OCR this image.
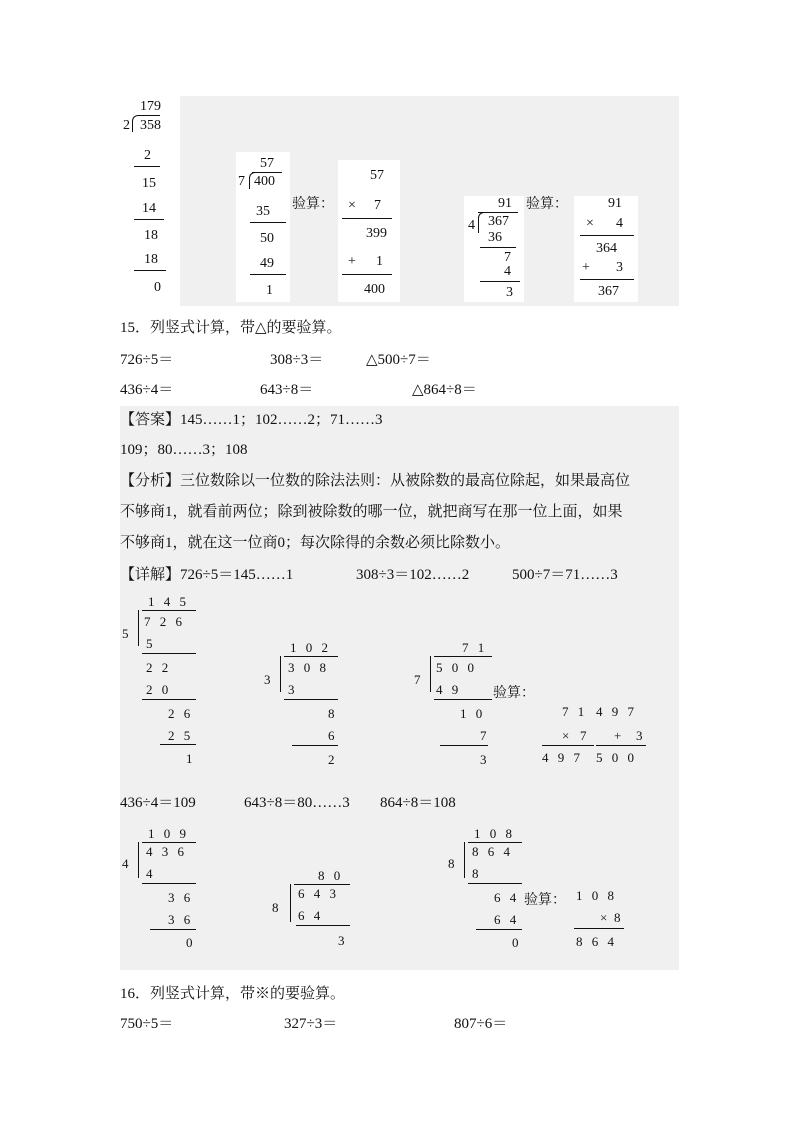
179
2 358
2
15
14
18
18
0
57
7 400
35
50
49
1
验算：
57
× 7
399
+ 1
400
91
4 367
36
7
4
3
验算：	91
× 4
364
+ 3
367
15．列竖式计算，带△的要验算。
726÷5＝	308÷3＝	△500÷7＝
436÷4＝	643÷8＝	△864÷8＝
【答案】145……1；102……2；71……3
109；80……3；108
【分析】三位数除以一位数的除法法则：从被除数的最高位除起，如果最高位
不够商1，就看前两位；除到被除数的哪一位，就把商写在那一位上面，如果
不够商1，就在这一位商0；每次除得的余数必须比除数小。
【详解】726÷5＝145……1	308÷3＝102……2	500÷7＝71……3
1 4 5
5
7 2 6
5
2 2
2 0
2 6
2 5
1
1 0 2
3
3 0 8
3
8
6
2
7 1
7
5 0 0
4 9
1 0
7
3
验算：
7 1
× 7
4 9 7
4 9 7
+ 3
5 0 0
436÷4＝109	643÷8＝80……3 864÷8＝108
1 0 9
4
4 3 6
4
3 6
3 6
0
8 0
8
6 4 3
6 4
3
1 0 8
8
8 6 4
8
6 4
6 4
0
验算： 1 0 8
× 8
8 6 4
16．列竖式计算，带※的要验算。
750÷5＝	327÷3＝	807÷6＝
